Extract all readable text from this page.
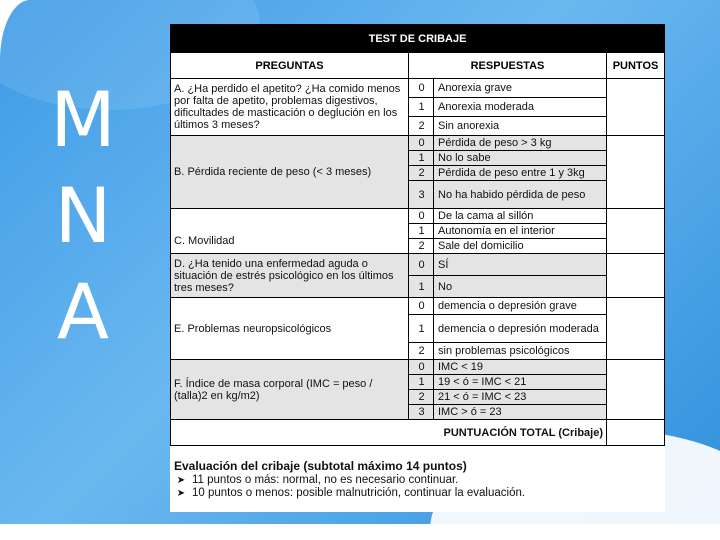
M
N
A
TEST DE CRIBAJE			
PREGUNTAS	RESPUESTAS		PUNTOS
A. ¿Ha perdido el apetito? ¿Ha comido menos por falta de apetito, problemas digestivos, dificultades de masticación o deglución en los últimos 3 meses?	0	Anorexia grave	
	1	Anorexia moderada	
	2	Sin anorexia	
B. Pérdida reciente de peso (< 3 meses)	0	Pérdida de peso > 3 kg	
	1	No lo sabe	
	2	Pérdida de peso entre 1 y 3kg	
	3	No ha habido pérdida de peso	
C. Movilidad	0	De la cama al sillón	
	1	Autonomía en el interior	
	2	Sale del domicilio	
D. ¿Ha tenido una enfermedad aguda o situación de estrés psicológico en los últimos tres meses?	0	SÍ	
	1	No	
E. Problemas neuropsicológicos	0	demencia o depresión grave	
	1	demencia o depresión moderada	
	2	sin problemas psicológicos	
F. Índice de masa corporal (IMC = peso / (talla)2 en kg/m2)	0	IMC < 19	
	1	19 < ó = IMC < 21	
	2	21 < ó = IMC < 23	
	3	IMC > ó = 23	
PUNTUACIÓN TOTAL (Cribaje)			
Evaluación del cribaje (subtotal máximo 14 puntos)
➤ 11 puntos o más: normal, no es necesario continuar.
➤ 10 puntos o menos: posible malnutrición, continuar la evaluación.
